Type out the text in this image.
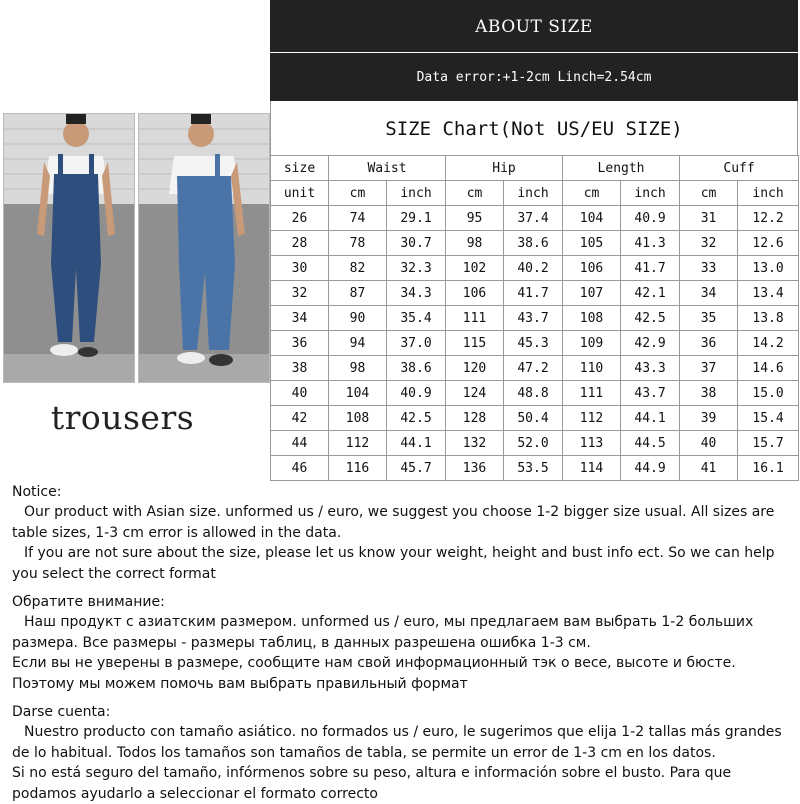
trousers
ABOUT SIZE
Data error:+1-2cm Linch=2.54cm
SIZE Chart(Not US/EU SIZE)
size	Waist		Hip		Length		Cuff	
unit	cm	inch	cm	inch	cm	inch	cm	inch
26	74	29.1	95	37.4	104	40.9	31	12.2
28	78	30.7	98	38.6	105	41.3	32	12.6
30	82	32.3	102	40.2	106	41.7	33	13.0
32	87	34.3	106	41.7	107	42.1	34	13.4
34	90	35.4	111	43.7	108	42.5	35	13.8
36	94	37.0	115	45.3	109	42.9	36	14.2
38	98	38.6	120	47.2	110	43.3	37	14.6
40	104	40.9	124	48.8	111	43.7	38	15.0
42	108	42.5	128	50.4	112	44.1	39	15.4
44	112	44.1	132	52.0	113	44.5	40	15.7
46	116	45.7	136	53.5	114	44.9	41	16.1

Notice:

Our product with Asian size. unformed us / euro, we suggest you choose 1-2 bigger size usual. All sizes are table sizes, 1-3 cm error is allowed in the data.

If you are not sure about the size, please let us know your weight, height and bust info ect. So we can help you select the correct format

Обратите внимание:

Наш продукт с азиатским размером. unformed us / euro, мы предлагаем вам выбрать 1-2 больших размера. Все размеры - размеры таблиц, в данных разрешена ошибка 1-3 см.

Если вы не уверены в размере, сообщите нам свой информационный тэк о весе, высоте и бюсте. Поэтому мы можем помочь вам выбрать правильный формат

Darse cuenta:

Nuestro producto con tamaño asiático. no formados us / euro, le sugerimos que elija 1-2 tallas más grandes de lo habitual. Todos los tamaños son tamaños de tabla, se permite un error de 1-3 cm en los datos.

Si no está seguro del tamaño, infórmenos sobre su peso, altura e información sobre el busto. Para que podamos ayudarlo a seleccionar el formato correcto
